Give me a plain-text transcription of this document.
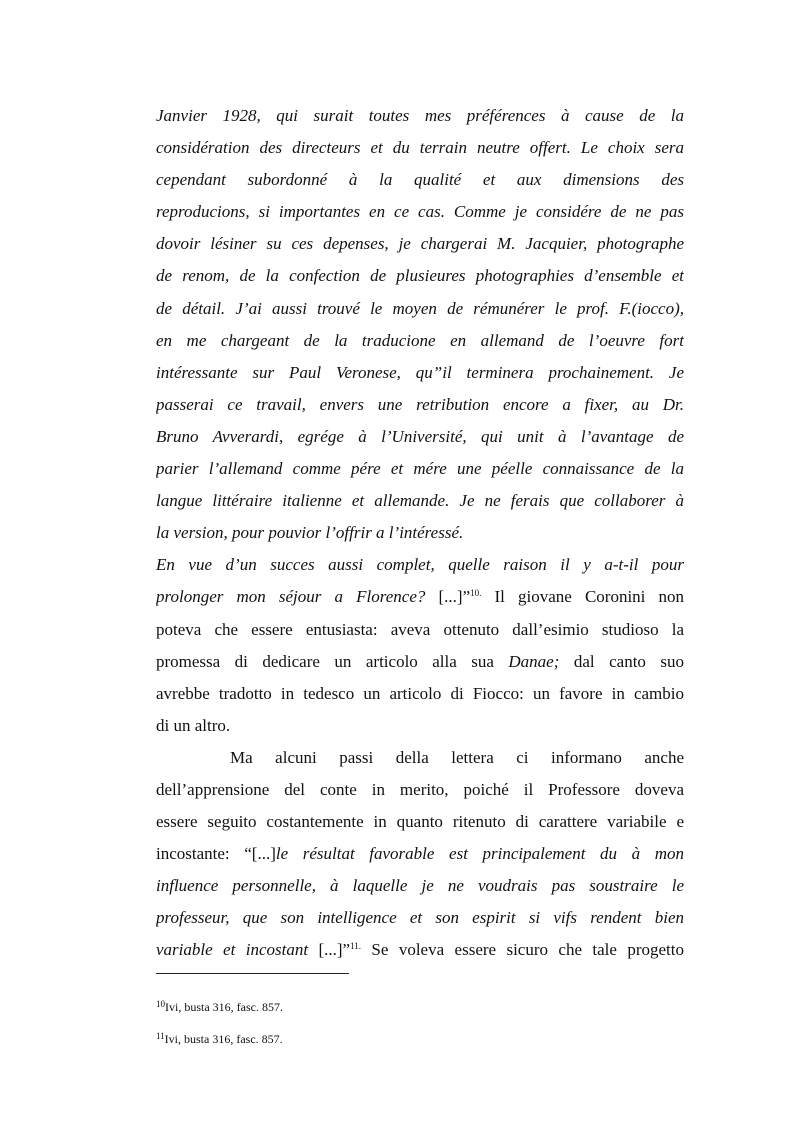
Janvier 1928, qui surait toutes mes préférences à cause de la
considération des directeurs et du terrain neutre offert. Le choix sera
cependant subordonné à la qualité et aux dimensions des
reproducions, si importantes en ce cas. Comme je considére de ne pas
dovoir lésiner su ces depenses, je chargerai M. Jacquier, photographe
de renom, de la confection de plusieures photographies d’ensemble et
de détail. J’ai aussi trouvé le moyen de rémunérer le prof. F.(iocco),
en me chargeant de la traducione en allemand de l’oeuvre fort
intéressante sur Paul Veronese, qu”il terminera prochainement. Je
passerai ce travail, envers une retribution encore a fixer, au Dr.
Bruno Avverardi, egrége à l’Université, qui unit à l’avantage de
parier l’allemand comme pére et mére une péelle connaissance de la
langue littéraire italienne et allemande. Je ne ferais que collaborer à
la version, pour pouvior l’offrir a l’intéressé.
En vue d’un succes aussi complet, quelle raison il y a-t-il pour
prolonger mon séjour a Florence? [...]”$^{10.}$ Il giovane Coronini non
poteva che essere entusiasta: aveva ottenuto dall’esimio studioso la
promessa di dedicare un articolo alla sua Danae; dal canto suo
avrebbe tradotto in tedesco un articolo di Fiocco: un favore in cambio
di un altro.
Ma alcuni passi della lettera ci informano anche
dell’apprensione del conte in merito, poiché il Professore doveva
essere seguito costantemente in quanto ritenuto di carattere variabile e
incostante: “[...]le résultat favorable est principalement du à mon
influence personnelle, à laquelle je ne voudrais pas soustraire le
professeur, que son intelligence et son espirit si vifs rendent bien
variable et incostant [...]”$^{11.}$ Se voleva essere sicuro che tale progetto
$^{10}$Ivi, busta 316, fasc. 857.
$^{11}$Ivi, busta 316, fasc. 857.
